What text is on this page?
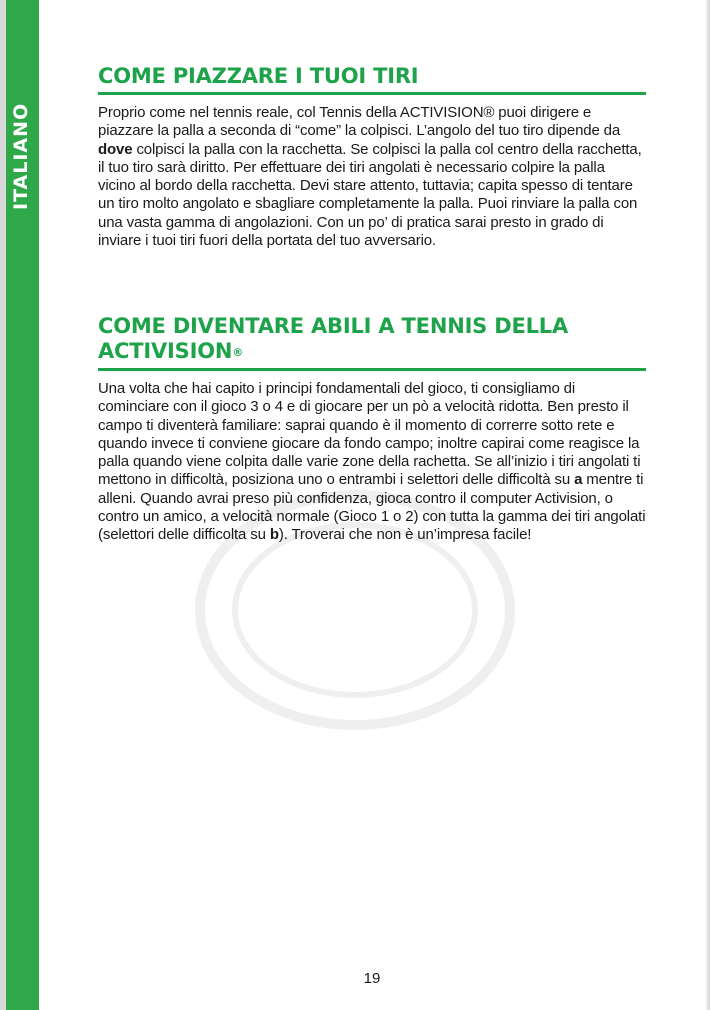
ITALIANO
COME PIAZZARE I TUOI TIRI

Proprio come nel tennis reale, col Tennis della ACTIVISION® puoi dirigere e piazzare la palla a seconda di “come” la colpisci. L’angolo del tuo tiro dipende da dove colpisci la palla con la racchetta. Se colpisci la palla col centro della racchetta, il tuo tiro sarà diritto. Per effettuare dei tiri angolati è necessario colpire la palla vicino al bordo della racchetta. Devi stare attento, tuttavia; capita spesso di tentare un tiro molto angolato e sbagliare completamente la palla. Puoi rinviare la palla con una vasta gamma di angolazioni. Con un po’ di pratica sarai presto in grado di inviare i tuoi tiri fuori della portata del tuo avversario.

COME DIVENTARE ABILI A TENNIS DELLA ACTIVISION®

Una volta che hai capito i principi fondamentali del gioco, ti consigliamo di cominciare con il gioco 3 o 4 e di giocare per un pò a velocità ridotta. Ben presto il campo ti diventerà familiare: saprai quando è il momento di correrre sotto rete e quando invece ti conviene giocare da fondo campo; inoltre capirai come reagisce la palla quando viene colpita dalle varie zone della rachetta. Se all’inizio i tiri angolati ti mettono in difficoltà, posiziona uno o entrambi i selettori delle difficoltà su a mentre ti alleni. Quando avrai preso più confidenza, gioca contro il computer Activision, o contro un amico, a velocità normale (Gioco 1 o 2) con tutta la gamma dei tiri angolati (selettori delle difficolta su b). Troverai che non è un’impresa facile!

19
